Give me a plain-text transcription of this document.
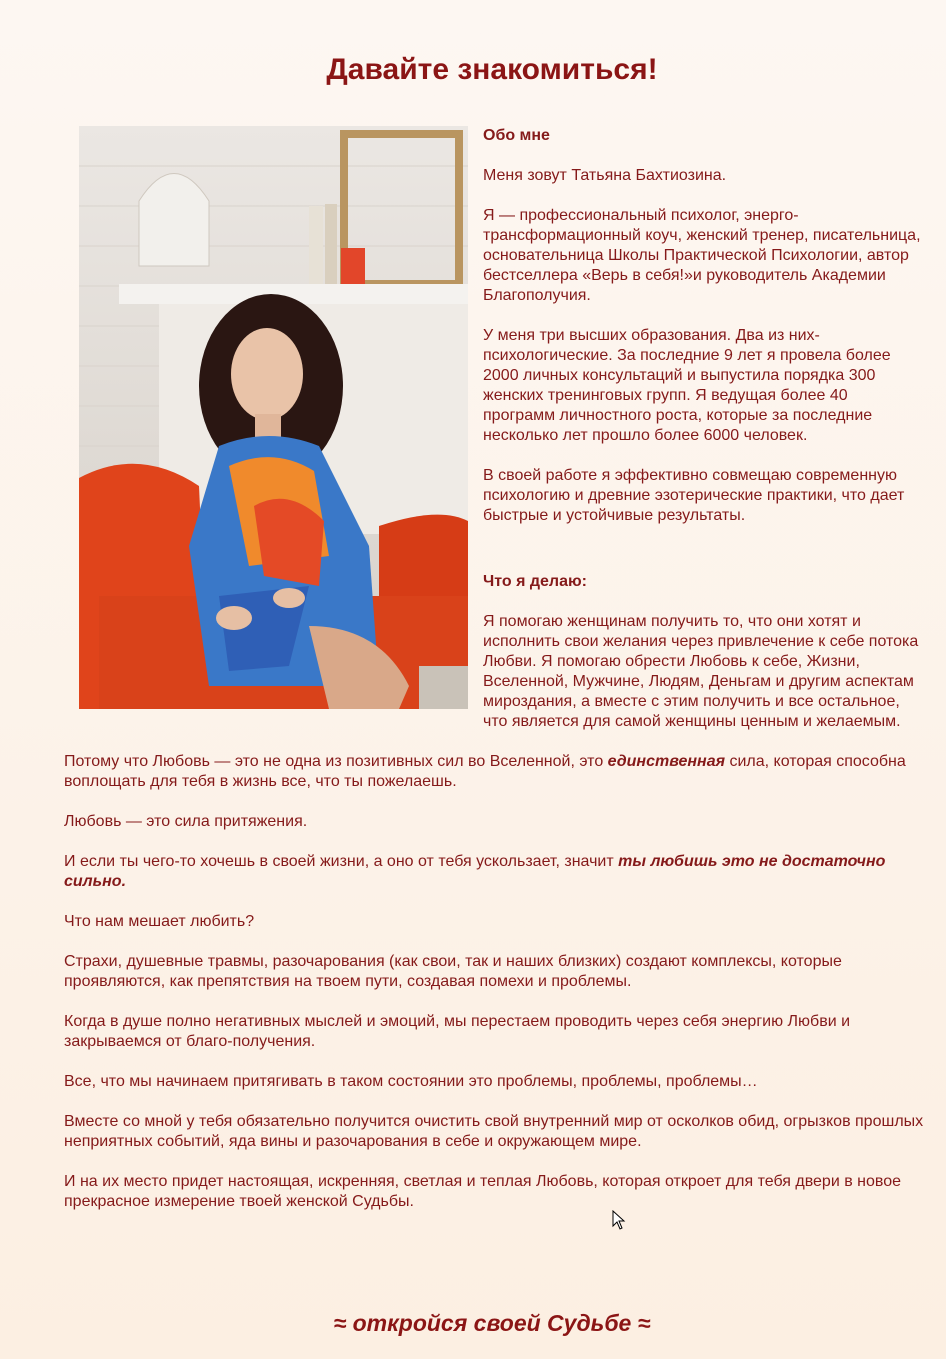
Давайте знакомиться!

Обо мне

Меня зовут Татьяна Бахтиозина.

Я — профессиональный психолог, энерго-трансформационный коуч, женский тренер, писательница, основательница Школы Практической Психологии, автор бестселлера «Верь в себя!»и руководитель Академии Благополучия.

У меня три высших образования. Два из них- психологические. За последние 9 лет я провела более 2000 личных консультаций и выпустила порядка 300 женских тренинговых групп. Я ведущая более 40 программ личностного роста, которые за последние несколько лет прошло более 6000 человек.

В своей работе я эффективно совмещаю современную психологию и древние эзотерические практики, что дает быстрые и устойчивые результаты.

Что я делаю:

Я помогаю женщинам получить то, что они хотят и исполнить свои желания через привлечение к себе потока Любви. Я помогаю обрести Любовь к себе, Жизни, Вселенной, Мужчине, Людям, Деньгам и другим аспектам мироздания, а вместе с этим получить и все остальное, что является для самой женщины ценным и желаемым.

Потому что Любовь — это не одна из позитивных сил во Вселенной, это единственная сила, которая способна воплощать для тебя в жизнь все, что ты пожелаешь.

Любовь — это сила притяжения.

И если ты чего-то хочешь в своей жизни, а оно от тебя ускользает, значит ты любишь это не достаточно сильно.

Что нам мешает любить?

Страхи, душевные травмы, разочарования (как свои, так и наших близких) создают комплексы, которые проявляются, как препятствия на твоем пути, создавая помехи и проблемы.

Когда в душе полно негативных мыслей и эмоций, мы перестаем проводить через себя энергию Любви и закрываемся от благо-получения.

Все, что мы начинаем притягивать в таком состоянии это проблемы, проблемы, проблемы…

Вместе со мной у тебя обязательно получится очистить свой внутренний мир от осколков обид, огрызков прошлых неприятных событий, яда вины и разочарования в себе и окружающем мире.

И на их место придет настоящая, искренняя, светлая и теплая Любовь, которая откроет для тебя двери в новое прекрасное измерение твоей женской Судьбы.

≈ откройся своей Судьбе ≈
